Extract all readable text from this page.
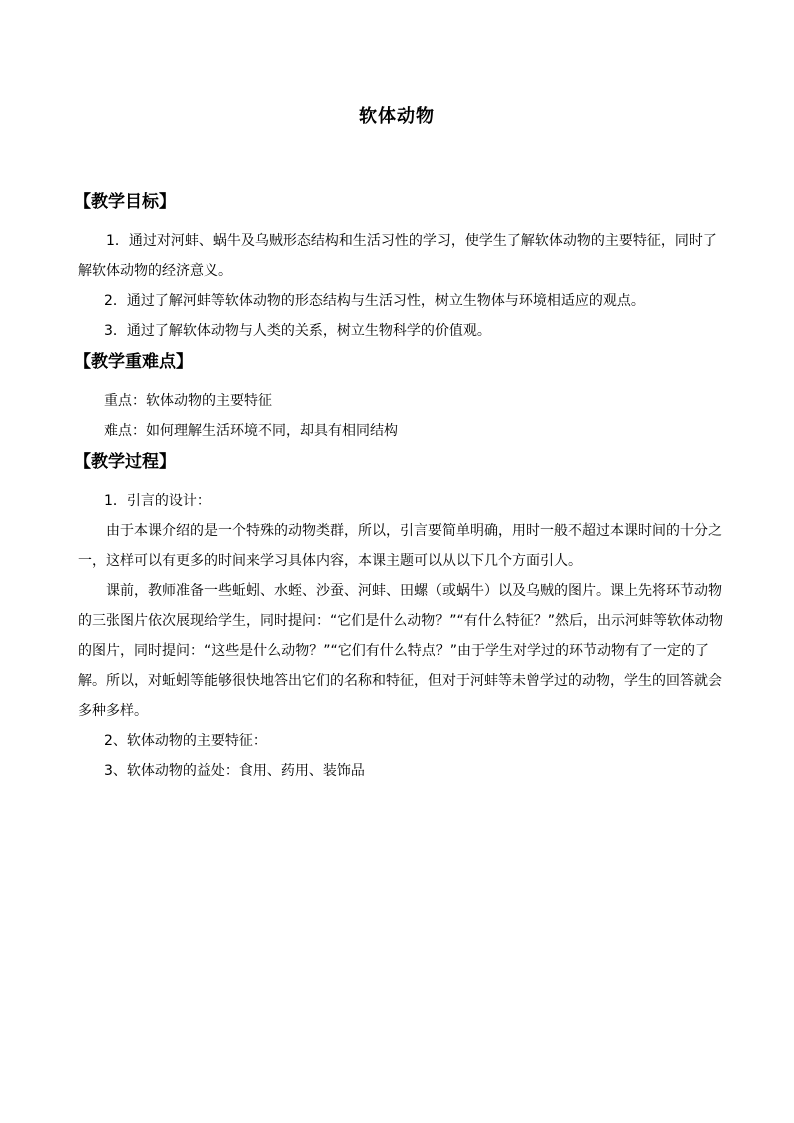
软体动物
【教学目标】
1．通过对河蚌、蜗牛及乌贼形态结构和生活习性的学习，使学生了解软体动物的主要特征，同时了解软体动物的经济意义。
2．通过了解河蚌等软体动物的形态结构与生活习性，树立生物体与环境相适应的观点。
3．通过了解软体动物与人类的关系，树立生物科学的价值观。
【教学重难点】
重点：软体动物的主要特征
难点：如何理解生活环境不同，却具有相同结构
【教学过程】
1．引言的设计：
由于本课介绍的是一个特殊的动物类群，所以，引言要简单明确，用时一般不超过本课时间的十分之一，这样可以有更多的时间来学习具体内容，本课主题可以从以下几个方面引人。
课前，教师准备一些蚯蚓、水蛭、沙蚕、河蚌、田螺（或蜗牛）以及乌贼的图片。课上先将环节动物的三张图片依次展现给学生，同时提问：“它们是什么动物？”“有什么特征？”然后，出示河蚌等软体动物的图片，同时提问：“这些是什么动物？”“它们有什么特点？”由于学生对学过的环节动物有了一定的了解。所以，对蚯蚓等能够很快地答出它们的名称和特征，但对于河蚌等未曾学过的动物，学生的回答就会多种多样。
2、软体动物的主要特征：
3、软体动物的益处：食用、药用、装饰品
